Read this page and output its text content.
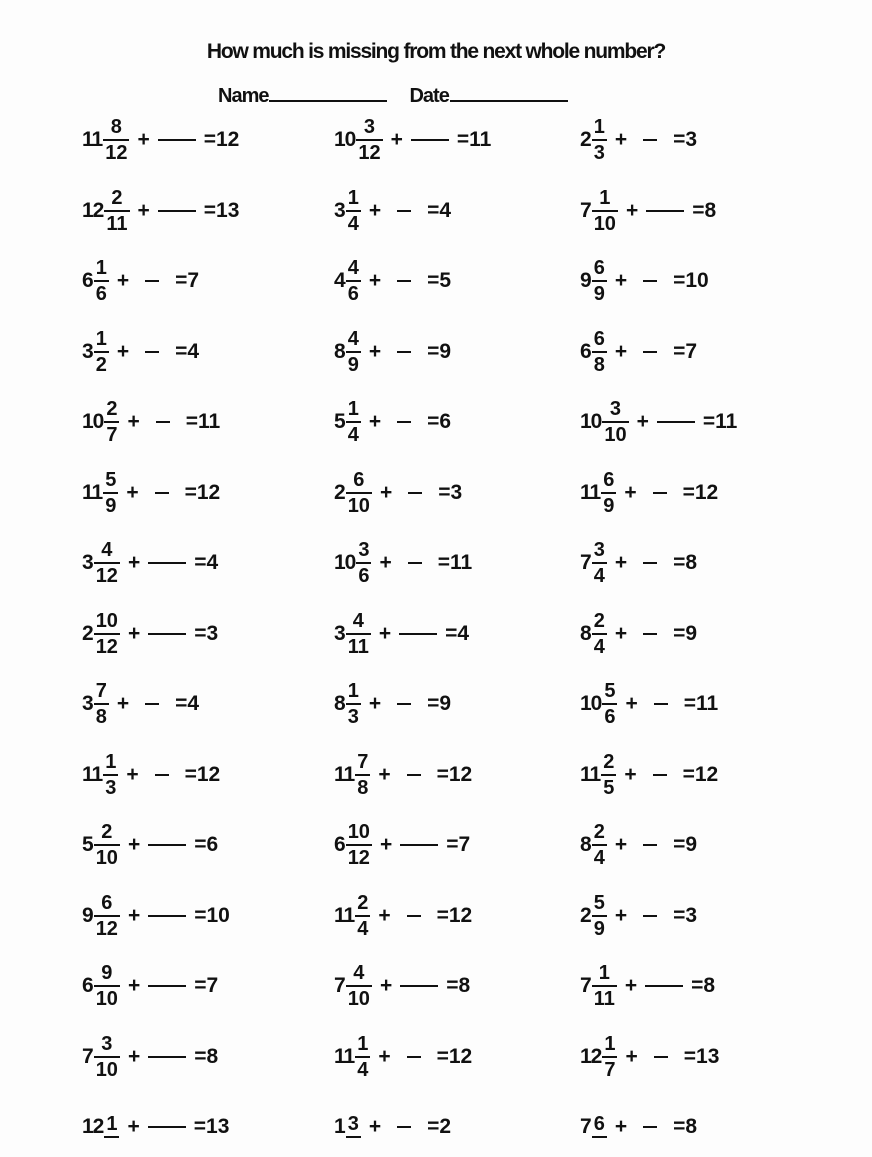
How much is missing from the next whole number?
Name	Date
$11 \frac{8}{12}$ +	= 12	$10 \frac{3}{12}$ +	= 11	$2 \frac{1}{3}$ + = 3
$12 \frac{2}{11}$ +	= 13	$3 \frac{1}{4}$ + = 4	$7 \frac{1}{10}$ +	= 8
$6 \frac{1}{6}$ + = 7	$4 \frac{4}{6}$ + = 5	$9 \frac{6}{9}$ + = 10
$3 \frac{1}{2}$ + = 4	$8 \frac{4}{9}$ + = 9	$6 \frac{6}{8}$ + = 7
$10 \frac{2}{7}$ + = 11	$5 \frac{1}{4}$ + = 6	$10 \frac{3}{10}$ +	= 11
$11 \frac{5}{9}$ + = 12	$2 \frac{6}{10}$ + = 3	$11 \frac{6}{9}$ + = 12
$3 \frac{4}{12}$ +	= 4	$10 \frac{3}{6}$ + = 11	$7 \frac{3}{4}$ + = 8
$2 \frac{10}{12}$ +	= 3	$3 \frac{4}{11}$ +	= 4	$8 \frac{2}{4}$ + = 9
$3 \frac{7}{8}$ + = 4	$8 \frac{1}{3}$ + = 9	$10 \frac{5}{6}$ + = 11
$11 \frac{1}{3}$ + = 12	$11 \frac{7}{8}$ + = 12	$11 \frac{2}{5}$ + = 12
$5 \frac{2}{10}$ +	= 6	$6 \frac{10}{12}$ +	= 7	$8 \frac{2}{4}$ + = 9
$9 \frac{6}{12}$ +	= 10	$11 \frac{2}{4}$ + = 12	$2 \frac{5}{9}$ + = 3
$6 \frac{9}{10}$ +	= 7	$7 \frac{4}{10}$ +	= 8	$7 \frac{1}{11}$ +	= 8
$7 \frac{3}{10}$ +	= 8	$11 \frac{1}{4}$ + = 12	$12 \frac{1}{7}$ + = 13
12 1 +	= 13	1 3 + = 2	7 6 + = 8
